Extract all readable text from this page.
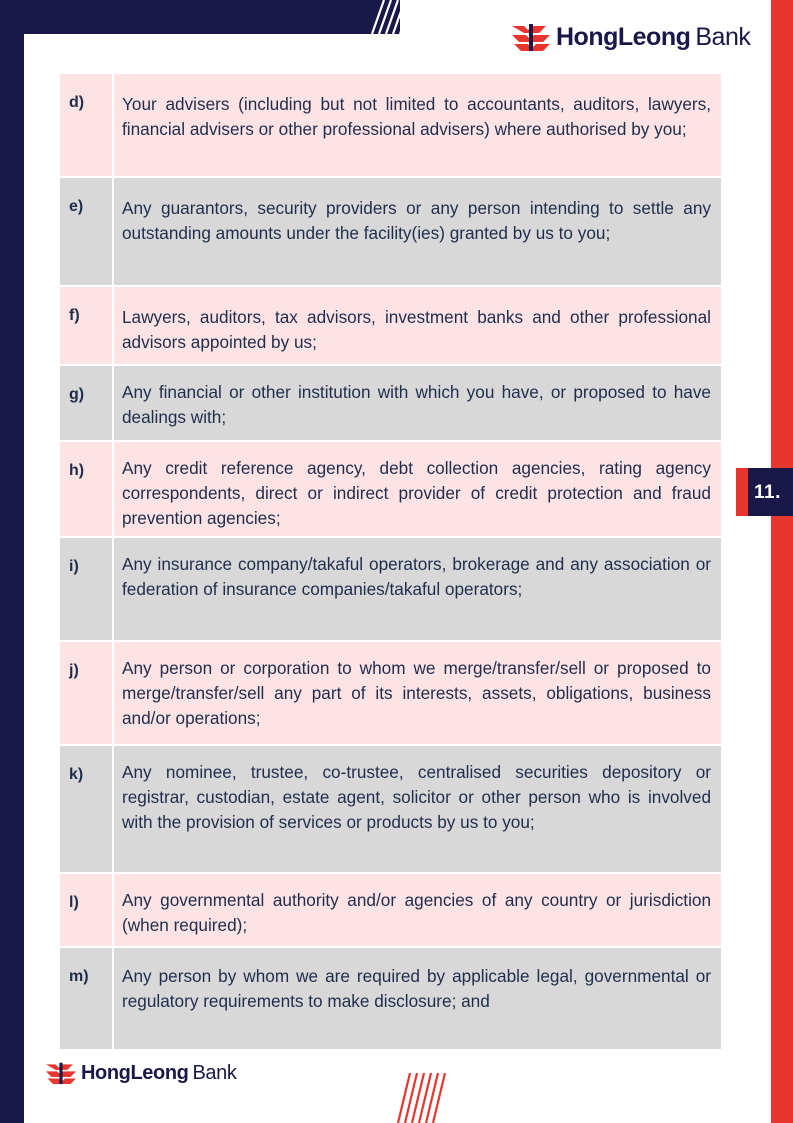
11.
HongLeong Bank
HongLeong Bank
d)	Your advisers (including but not limited to accountants, auditors, lawyers, financial advisers or other professional advisers) where authorised by you;
e)	Any guarantors, security providers or any person intending to settle any outstanding amounts under the facility(ies) granted by us to you;
f)	Lawyers, auditors, tax advisors, investment banks and other professional advisors appointed by us;
g)	Any financial or other institution with which you have, or proposed to have dealings with;
h)	Any credit reference agency, debt collection agencies, rating agency correspondents, direct or indirect provider of credit protection and fraud prevention agencies;
i)	Any insurance company/takaful operators, brokerage and any association or federation of insurance companies/takaful operators;
j)	Any person or corporation to whom we merge/transfer/sell or proposed to merge/transfer/sell any part of its interests, assets, obligations, business and/or operations;
k)	Any nominee, trustee, co-trustee, centralised securities depository or registrar, custodian, estate agent, solicitor or other person who is involved with the provision of services or products by us to you;
l)	Any governmental authority and/or agencies of any country or jurisdiction (when required);
m)	Any person by whom we are required by applicable legal, governmental or regulatory requirements to make disclosure; and
